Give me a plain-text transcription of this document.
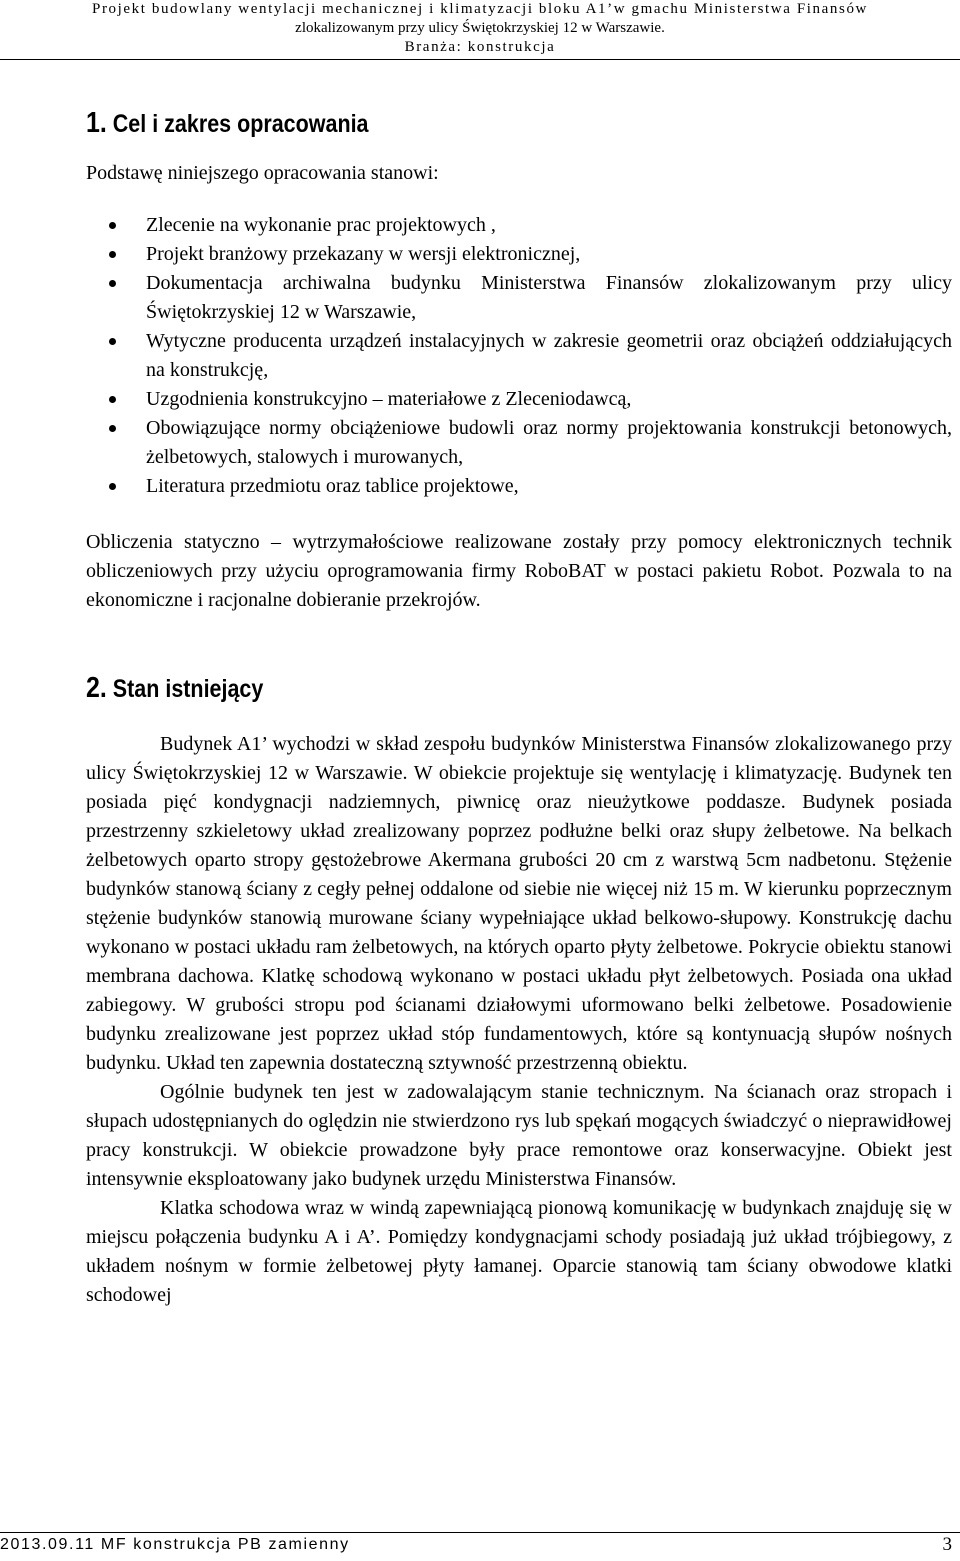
Projekt budowlany wentylacji mechanicznej i klimatyzacji bloku A1’w gmachu Ministerstwa Finansów
zlokalizowanym przy ulicy Świętokrzyskiej 12 w Warszawie.
Branża: konstrukcja
1. Cel i zakres opracowania

Podstawę niniejszego opracowania stanowi:

Zlecenie na wykonanie prac projektowych ,
Projekt branżowy przekazany w wersji elektronicznej,
Dokumentacja archiwalna budynku Ministerstwa Finansów zlokalizowanym przy ulicy Świętokrzyskiej 12 w Warszawie,
Wytyczne producenta urządzeń instalacyjnych w zakresie geometrii oraz obciążeń oddziałujących na konstrukcję,
Uzgodnienia konstrukcyjno – materiałowe z Zleceniodawcą,
Obowiązujące normy obciążeniowe budowli oraz normy projektowania konstrukcji betonowych, żelbetowych, stalowych i murowanych,
Literatura przedmiotu oraz tablice projektowe,

Obliczenia statyczno – wytrzymałościowe realizowane zostały przy pomocy elektronicznych technik obliczeniowych przy użyciu oprogramowania firmy RoboBAT w postaci pakietu Robot. Pozwala to na ekonomiczne i racjonalne dobieranie przekrojów.

2. Stan istniejący

Budynek A1’ wychodzi w skład zespołu budynków Ministerstwa Finansów zlokalizowanego przy ulicy Świętokrzyskiej 12 w Warszawie. W obiekcie projektuje się wentylację i klimatyzację. Budynek ten posiada pięć kondygnacji nadziemnych, piwnicę oraz nieużytkowe poddasze. Budynek posiada przestrzenny szkieletowy układ zrealizowany poprzez podłużne belki oraz słupy żelbetowe. Na belkach żelbetowych oparto stropy gęstożebrowe Akermana grubości 20 cm z warstwą 5cm nadbetonu. Stężenie budynków stanową ściany z cegły pełnej oddalone od siebie nie więcej niż 15 m. W kierunku poprzecznym stężenie budynków stanowią murowane ściany wypełniające układ belkowo-słupowy. Konstrukcję dachu wykonano w postaci układu ram żelbetowych, na których oparto płyty żelbetowe. Pokrycie obiektu stanowi membrana dachowa. Klatkę schodową wykonano w postaci układu płyt żelbetowych. Posiada ona układ zabiegowy. W grubości stropu pod ścianami działowymi uformowano belki żelbetowe. Posadowienie budynku zrealizowane jest poprzez układ stóp fundamentowych, które są kontynuacją słupów nośnych budynku. Układ ten zapewnia dostateczną sztywność przestrzenną obiektu.

Ogólnie budynek ten jest w zadowalającym stanie technicznym. Na ścianach oraz stropach i słupach udostępnianych do oględzin nie stwierdzono rys lub spękań mogących świadczyć o nieprawidłowej pracy konstrukcji. W obiekcie prowadzone były prace remontowe oraz konserwacyjne. Obiekt jest intensywnie eksploatowany jako budynek urzędu Ministerstwa Finansów.

Klatka schodowa wraz w windą zapewniającą pionową komunikację w budynkach znajduję się w miejscu połączenia budynku A i A’. Pomiędzy kondygnacjami schody posiadają już układ trójbiegowy, z układem nośnym w formie żelbetowej płyty łamanej. Oparcie stanowią tam ściany obwodowe klatki schodowej

2013.09.11 MF konstrukcja PB zamienny	3
